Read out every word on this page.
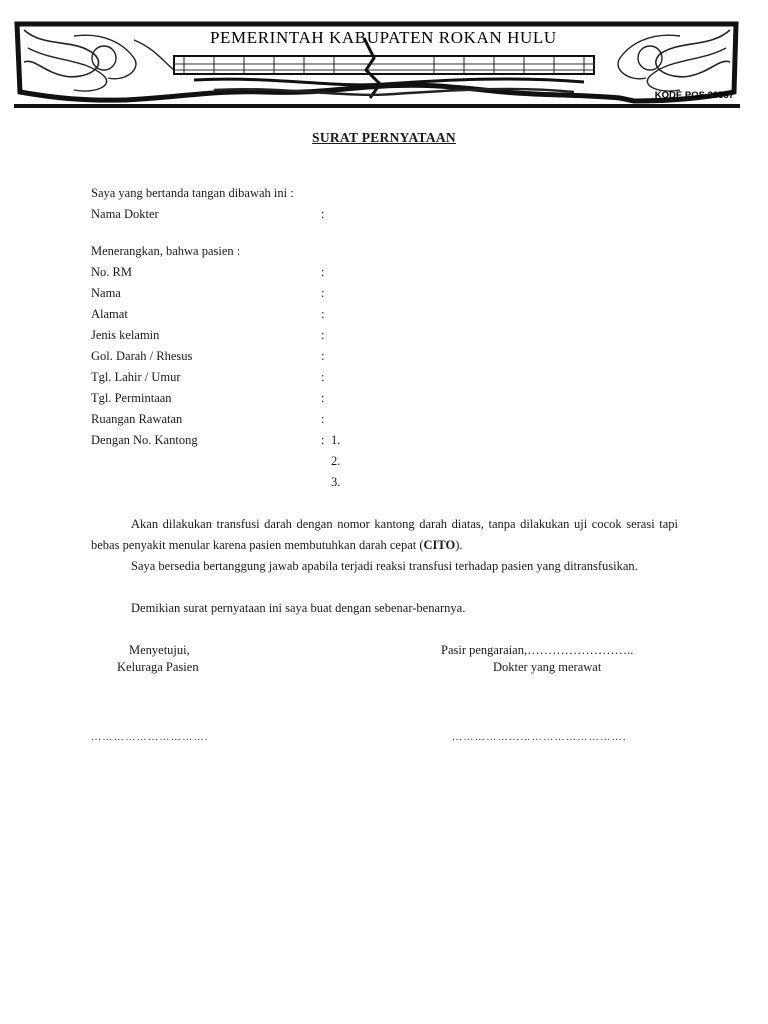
PEMERINTAH KABUPATEN ROKAN HULU
KODE POS 28557
SURAT PERNYATAAN
Saya yang bertanda tangan dibawah ini :
Nama Dokter	:
Menerangkan, bahwa pasien :
No. RM	:
Nama	:
Alamat	:
Jenis kelamin	:
Gol. Darah / Rhesus	:
Tgl. Lahir / Umur	:
Tgl. Permintaan	:
Ruangan Rawatan	:
Dengan No. Kantong	: 1.
2.
3.
Akan dilakukan transfusi darah dengan nomor kantong darah diatas, tanpa dilakukan uji cocok serasi tapi bebas penyakit menular karena pasien membutuhkan darah cepat (CITO).
Saya bersedia bertanggung jawab apabila terjadi reaksi transfusi terhadap pasien yang ditransfusikan.
Demikian surat pernyataan ini saya buat dengan sebenar-benarnya.
Menyetujui,
Keluraga Pasien
Pasir pengaraian,……………………..
Dokter yang merawat
………………………….	……………………………………….
